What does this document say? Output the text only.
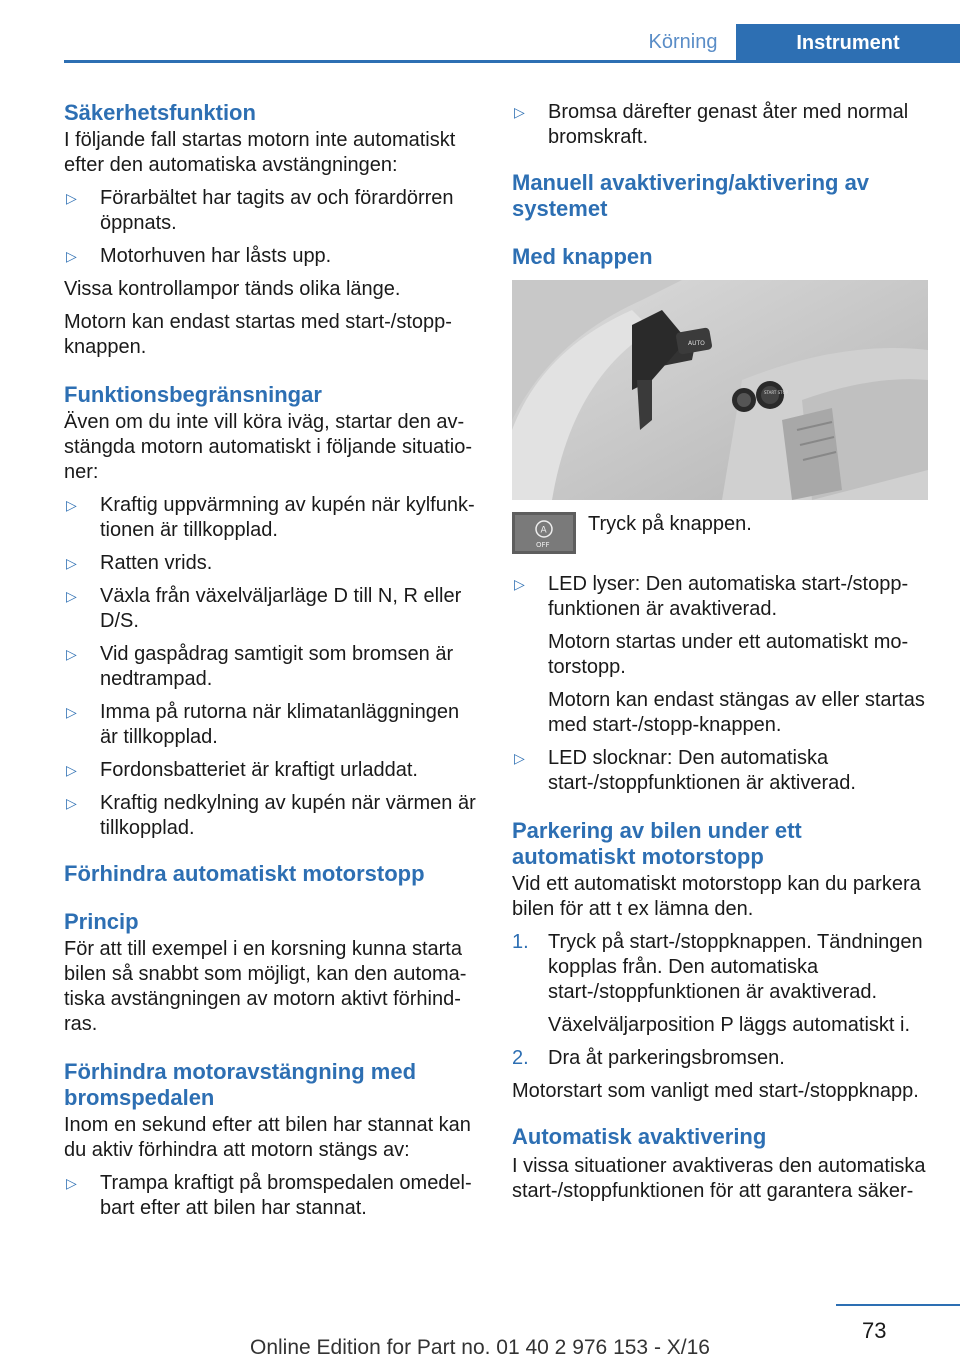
Körning	Instrument
Säkerhetsfunktion

I följande fall startas motorn inte automatiskt efter den automatiska avstängningen:

▷ Förarbältet har tagits av och förardörren öppnats.
▷ Motorhuven har låsts upp.

Vissa kontrollampor tänds olika länge.

Motorn kan endast startas med start-/stopp-knappen.

Funktionsbegränsningar

Även om du inte vill köra iväg, startar den av-stängda motorn automatiskt i följande situatio-ner:

▷ Kraftig uppvärmning av kupén när kylfunk-tionen är tillkopplad.
▷ Ratten vrids.
▷ Växla från växelväljarläge D till N, R eller D/S.
▷ Vid gaspådrag samtigit som bromsen är nedtrampad.
▷ Imma på rutorna när klimatanläggningen är tillkopplad.
▷ Fordonsbatteriet är kraftigt urladdat.
▷ Kraftig nedkylning av kupén när värmen är tillkopplad.
Förhindra automatiskt motorstopp
Princip

För att till exempel i en korsning kunna starta bilen så snabbt som möjligt, kan den automa-tiska avstängningen av motorn aktivt förhind-ras.

Förhindra motoravstängning med bromspedalen

Inom en sekund efter att bilen har stannat kan du aktiv förhindra att motorn stängs av:

▷ Trampa kraftigt på bromspedalen omedel-bart efter att bilen har stannat.
▷ Bromsa därefter genast åter med normal bromskraft.
Manuell avaktivering/aktivering av systemet
Med knappen
AUTO
START STOP
A
OFF
Tryck på knappen.
▷ LED lyser: Den automatiska start-/stopp-funktionen är avaktiverad.

Motorn startas under ett automatiskt mo-torstopp.

Motorn kan endast stängas av eller startas med start-/stopp-knappen.

▷ LED slocknar: Den automatiska start-/stoppfunktionen är aktiverad.
Parkering av bilen under ett automatiskt motorstopp

Vid ett automatiskt motorstopp kan du parkera bilen för att t ex lämna den.

1. Tryck på start-/stoppknappen. Tändningen kopplas från. Den automatiska start-/stoppfunktionen är avaktiverad.

Växelväljarposition P läggs automatiskt i.

2. Dra åt parkeringsbromsen.

Motorstart som vanligt med start-/stoppknapp.

Automatisk avaktivering

I vissa situationer avaktiveras den automatiska start-/stoppfunktionen för att garantera säker-

73
Online Edition for Part no. 01 40 2 976 153 - X/16
